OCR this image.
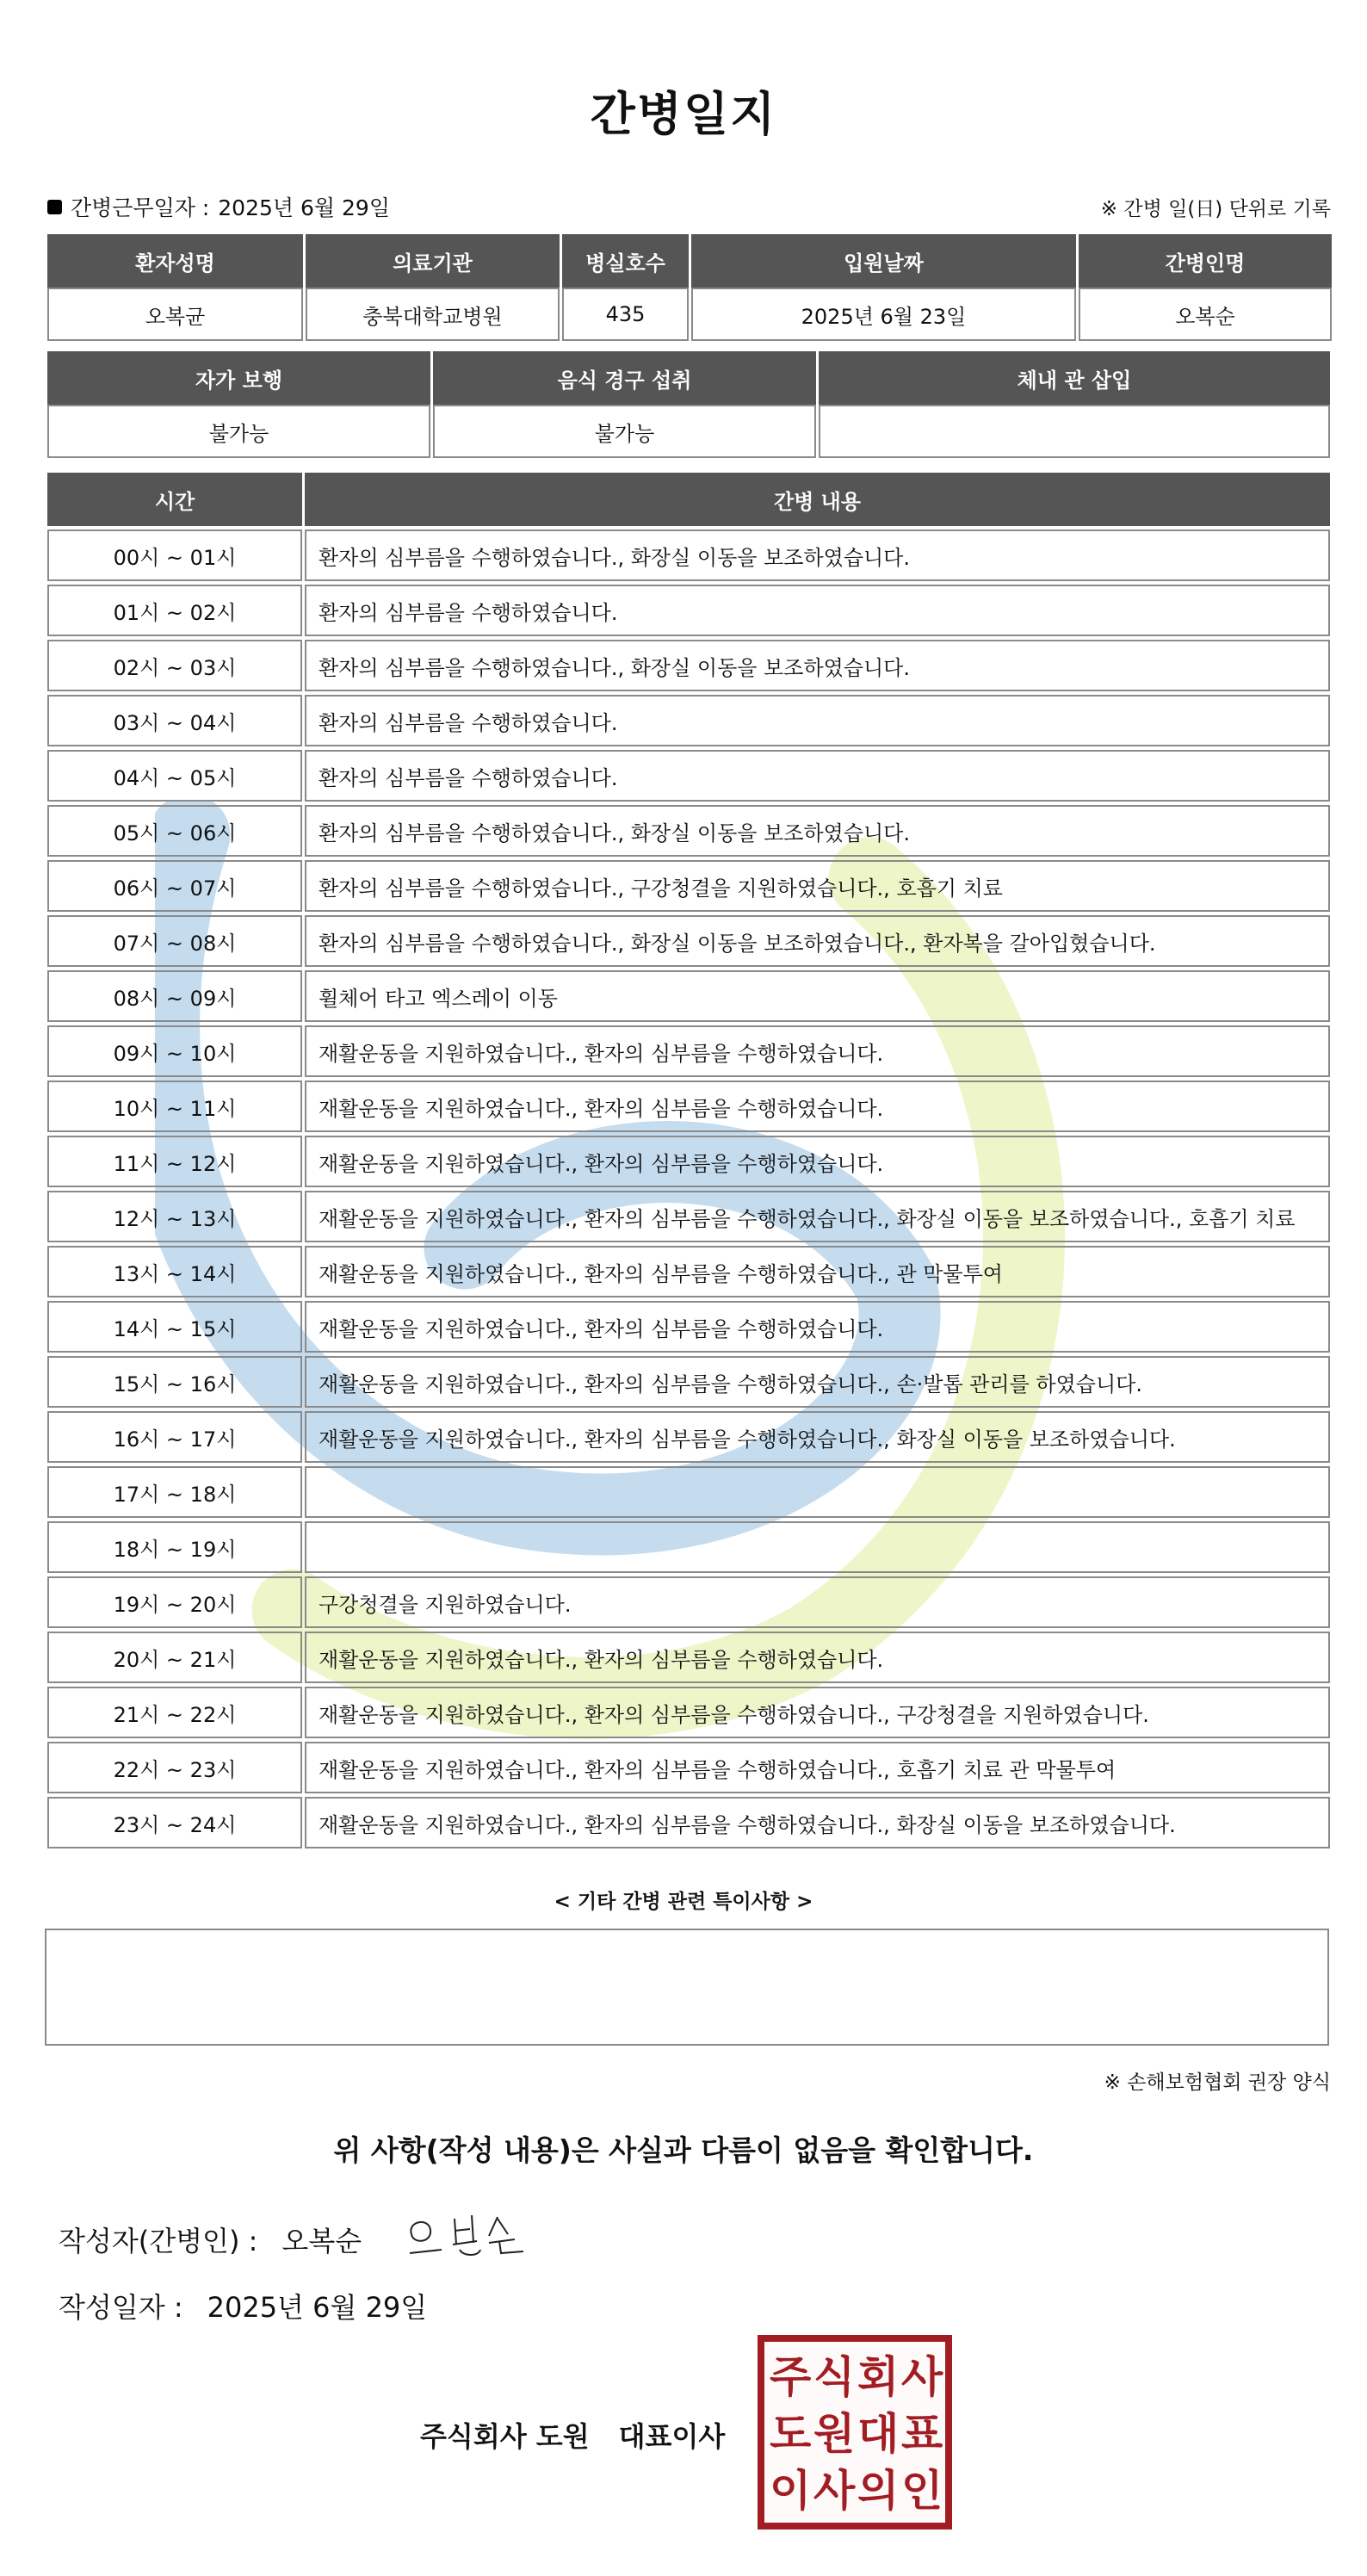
간병일지
간병근무일자 : 2025년 6월 29일	※ 간병 일(日) 단위로 기록
환자성명	의료기관	병실호수	입원날짜	간병인명
오복균	충북대학교병원	435	2025년 6월 23일	오복순
자가 보행	음식 경구 섭취	체내 관 삽입
불가능	불가능	
시간	간병 내용
00시 ~ 01시	환자의 심부름을 수행하였습니다., 화장실 이동을 보조하였습니다.
01시 ~ 02시	환자의 심부름을 수행하였습니다.
02시 ~ 03시	환자의 심부름을 수행하였습니다., 화장실 이동을 보조하였습니다.
03시 ~ 04시	환자의 심부름을 수행하였습니다.
04시 ~ 05시	환자의 심부름을 수행하였습니다.
05시 ~ 06시	환자의 심부름을 수행하였습니다., 화장실 이동을 보조하였습니다.
06시 ~ 07시	환자의 심부름을 수행하였습니다., 구강청결을 지원하였습니다., 호흡기 치료
07시 ~ 08시	환자의 심부름을 수행하였습니다., 화장실 이동을 보조하였습니다., 환자복을 갈아입혔습니다.
08시 ~ 09시	휠체어 타고 엑스레이 이동
09시 ~ 10시	재활운동을 지원하였습니다., 환자의 심부름을 수행하였습니다.
10시 ~ 11시	재활운동을 지원하였습니다., 환자의 심부름을 수행하였습니다.
11시 ~ 12시	재활운동을 지원하였습니다., 환자의 심부름을 수행하였습니다.
12시 ~ 13시	재활운동을 지원하였습니다., 환자의 심부름을 수행하였습니다., 화장실 이동을 보조하였습니다., 호흡기 치료
13시 ~ 14시	재활운동을 지원하였습니다., 환자의 심부름을 수행하였습니다., 관 막물투여
14시 ~ 15시	재활운동을 지원하였습니다., 환자의 심부름을 수행하였습니다.
15시 ~ 16시	재활운동을 지원하였습니다., 환자의 심부름을 수행하였습니다., 손·발톱 관리를 하였습니다.
16시 ~ 17시	재활운동을 지원하였습니다., 환자의 심부름을 수행하였습니다., 화장실 이동을 보조하였습니다.
17시 ~ 18시	
18시 ~ 19시	
19시 ~ 20시	구강청결을 지원하였습니다.
20시 ~ 21시	재활운동을 지원하였습니다., 환자의 심부름을 수행하였습니다.
21시 ~ 22시	재활운동을 지원하였습니다., 환자의 심부름을 수행하였습니다., 구강청결을 지원하였습니다.
22시 ~ 23시	재활운동을 지원하였습니다., 환자의 심부름을 수행하였습니다., 호흡기 치료 관 막물투여
23시 ~ 24시	재활운동을 지원하였습니다., 환자의 심부름을 수행하였습니다., 화장실 이동을 보조하였습니다.
< 기타 간병 관련 특이사항 >
※ 손해보험협회 권장 양식
위 사항(작성 내용)은 사실과 다름이 없음을 확인합니다.
작성자(간병인) : 오복순
작성일자 : 2025년 6월 29일
주식회사 도원 대표이사
주 식 회 사
도 원 대 표
이 사 의 인
